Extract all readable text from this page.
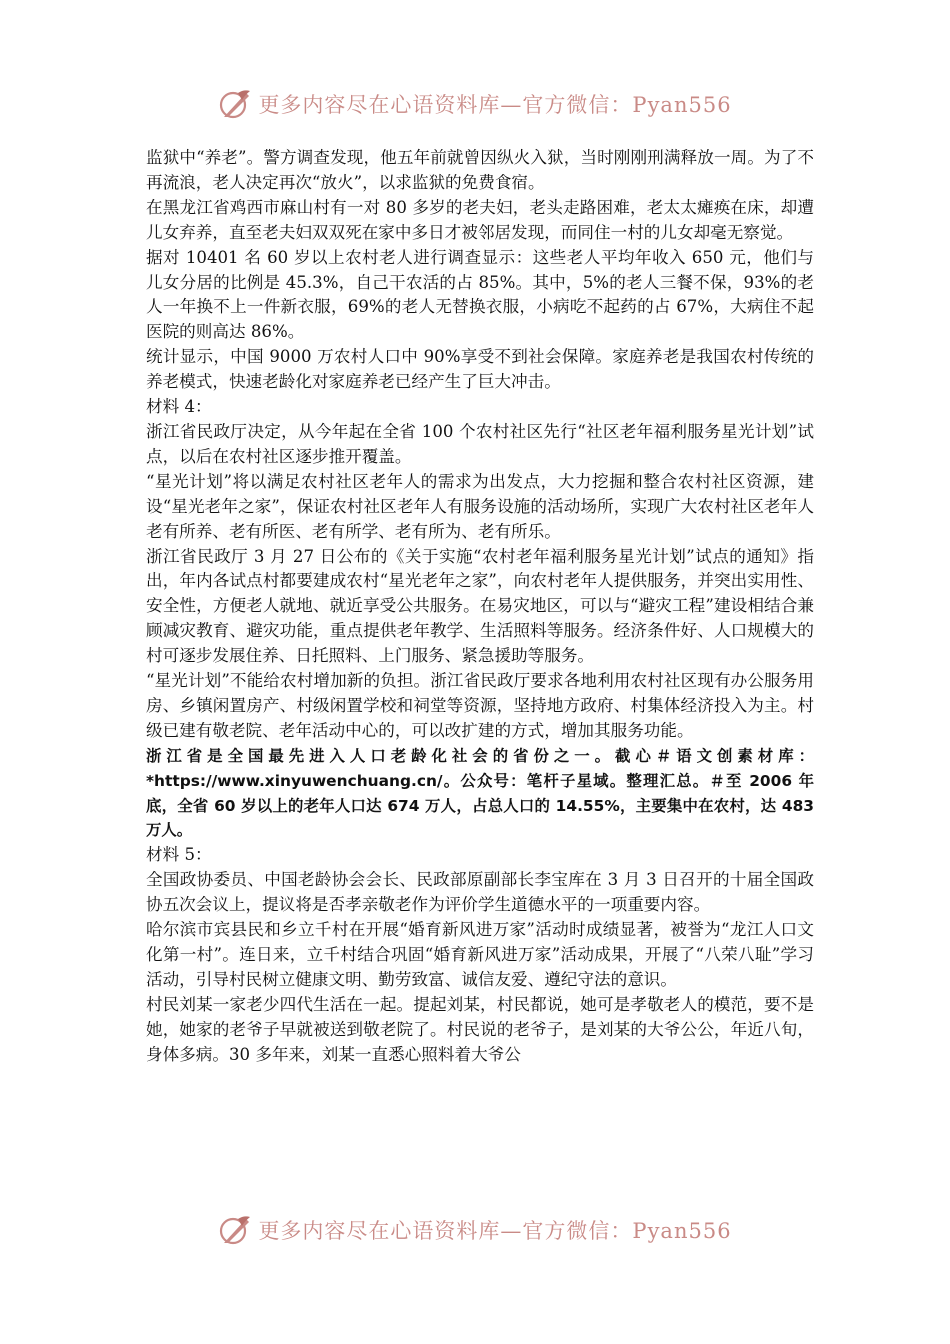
更多内容尽在心语资料库—官方微信：Pyan556

监狱中“养老”。警方调查发现，他五年前就曾因纵火入狱，当时刚刚刑满释放一周。为了不再流浪，老人决定再次“放火”，以求监狱的免费食宿。

在黑龙江省鸡西市麻山村有一对 80 多岁的老夫妇，老头走路困难，老太太瘫痪在床，却遭儿女弃养，直至老夫妇双双死在家中多日才被邻居发现，而同住一村的儿女却毫无察觉。

据对 10401 名 60 岁以上农村老人进行调查显示：这些老人平均年收入 650 元，他们与儿女分居的比例是 45.3%，自己干农活的占 85%。其中，5%的老人三餐不保，93%的老人一年换不上一件新衣服，69%的老人无替换衣服，小病吃不起药的占 67%，大病住不起医院的则高达 86%。

统计显示，中国 9000 万农村人口中 90%享受不到社会保障。家庭养老是我国农村传统的养老模式，快速老龄化对家庭养老已经产生了巨大冲击。

材料 4：

浙江省民政厅决定，从今年起在全省 100 个农村社区先行“社区老年福利服务星光计划”试点，以后在农村社区逐步推开覆盖。

“星光计划”将以满足农村社区老年人的需求为出发点，大力挖掘和整合农村社区资源，建设“星光老年之家”，保证农村社区老年人有服务设施的活动场所，实现广大农村社区老年人老有所养、老有所医、老有所学、老有所为、老有所乐。

浙江省民政厅 3 月 27 日公布的《关于实施“农村老年福利服务星光计划”试点的通知》指出，年内各试点村都要建成农村“星光老年之家”，向农村老年人提供服务，并突出实用性、安全性，方便老人就地、就近享受公共服务。在易灾地区，可以与“避灾工程”建设相结合兼顾减灾教育、避灾功能，重点提供老年教学、生活照料等服务。经济条件好、人口规模大的村可逐步发展住养、日托照料、上门服务、紧急援助等服务。

“星光计划”不能给农村增加新的负担。浙江省民政厅要求各地利用农村社区现有办公服务用房、乡镇闲置房产、村级闲置学校和祠堂等资源，坚持地方政府、村集体经济投入为主。村级已建有敬老院、老年活动中心的，可以改扩建的方式，增加其服务功能。

浙江省是全国最先进入人口老龄化社会的省份之一。截心＃语文创素材库：*https://www.xinyuwenchuang.cn/。公众号：笔杆子星域。整理汇总。＃至 2006 年底，全省 60 岁以上的老年人口达 674 万人，占总人口的 14.55%，主要集中在农村，达 483 万人。

材料 5：

全国政协委员、中国老龄协会会长、民政部原副部长李宝库在 3 月 3 日召开的十届全国政协五次会议上，提议将是否孝亲敬老作为评价学生道德水平的一项重要内容。

哈尔滨市宾县民和乡立千村在开展“婚育新风进万家”活动时成绩显著，被誉为“龙江人口文化第一村”。连日来，立千村结合巩固“婚育新风进万家”活动成果，开展了“八荣八耻”学习活动，引导村民树立健康文明、勤劳致富、诚信友爱、遵纪守法的意识。

村民刘某一家老少四代生活在一起。提起刘某，村民都说，她可是孝敬老人的模范，要不是她，她家的老爷子早就被送到敬老院了。村民说的老爷子，是刘某的大爷公公，年近八旬，身体多病。30 多年来，刘某一直悉心照料着大爷公

更多内容尽在心语资料库—官方微信：Pyan556
